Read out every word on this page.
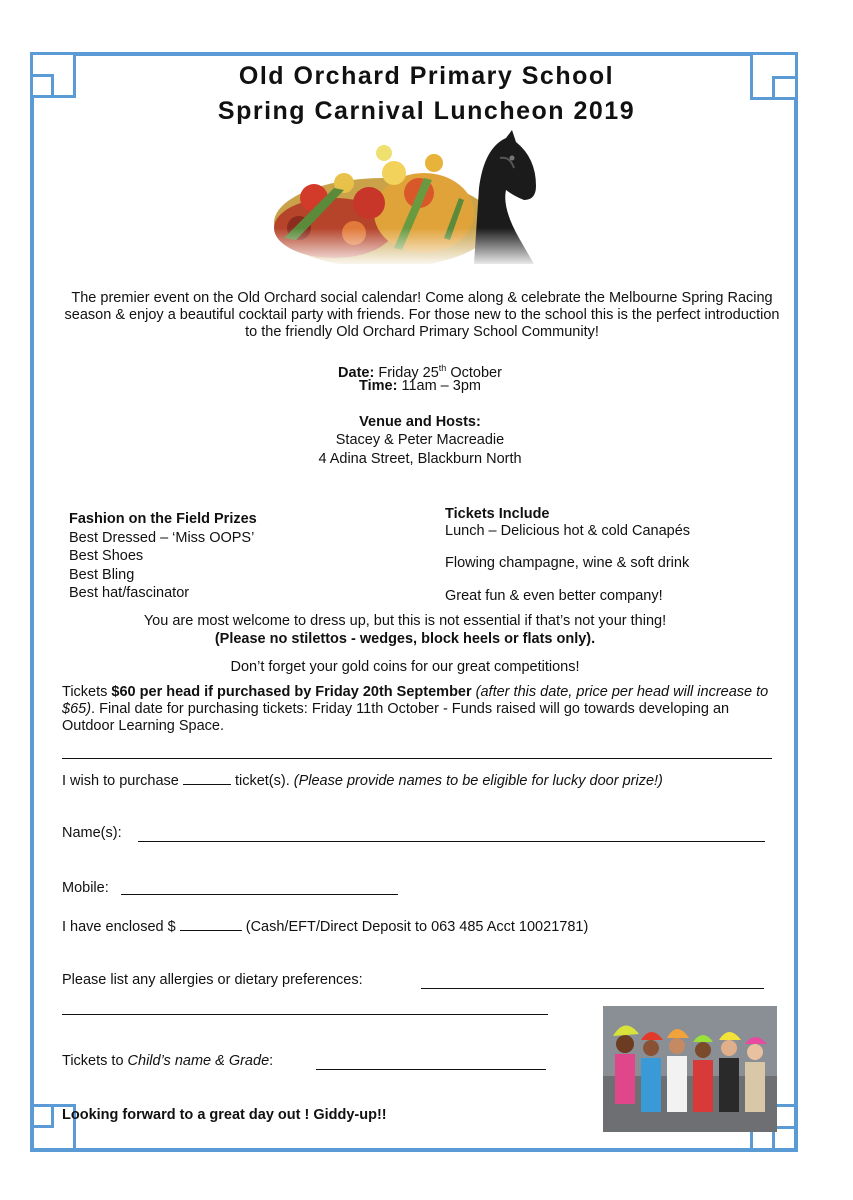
Old Orchard Primary School
Spring Carnival Luncheon 2019
The premier event on the Old Orchard social calendar! Come along & celebrate the Melbourne Spring Racing season & enjoy a beautiful cocktail party with friends. For those new to the school this is the perfect introduction to the friendly Old Orchard Primary School Community!
Date: Friday 25th October
Time: 11am – 3pm
Venue and Hosts:
Stacey & Peter Macreadie
4 Adina Street, Blackburn North
Fashion on the Field Prizes
Best Dressed – ‘Miss OOPS’
Best Shoes
Best Bling
Best hat/fascinator
Tickets Include
Lunch – Delicious hot & cold Canapés
Flowing champagne, wine & soft drink
Great fun & even better company!
You are most welcome to dress up, but this is not essential if that’s not your thing!
(Please no stilettos - wedges, block heels or flats only).
Don’t forget your gold coins for our great competitions!
Tickets $60 per head if purchased by Friday 20th September (after this date, price per head will increase to $65). Final date for purchasing tickets: Friday 11th October - Funds raised will go towards developing an Outdoor Learning Space.
I wish to purchase	ticket(s). (Please provide names to be eligible for lucky door prize!)
Name(s):
Mobile:
I have enclosed $	(Cash/EFT/Direct Deposit to 063 485 Acct 10021781)
Please list any allergies or dietary preferences:
Tickets to Child’s name & Grade:
Looking forward to a great day out ! Giddy-up!!
